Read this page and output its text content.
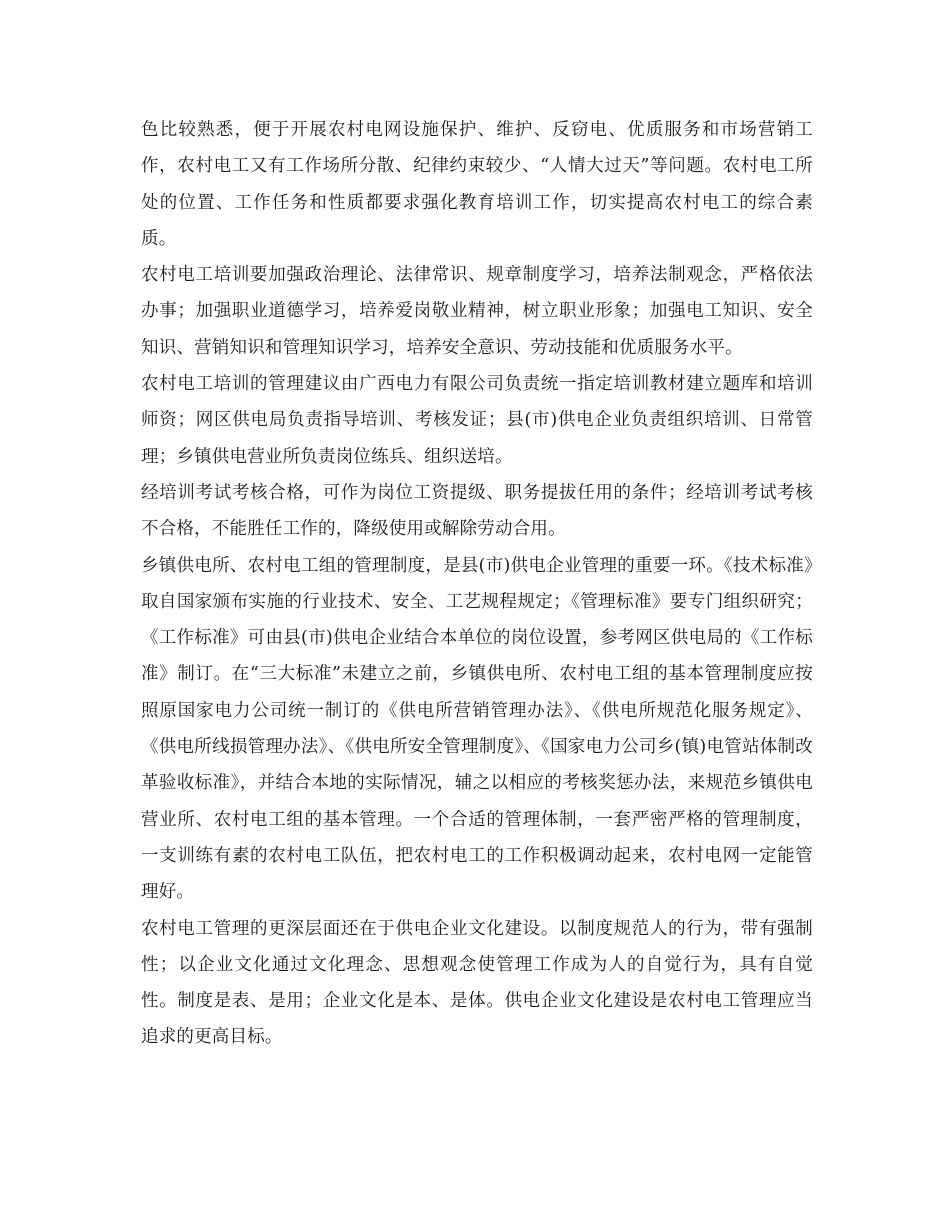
色比较熟悉，便于开展农村电网设施保护、维护、反窃电、优质服务和市场营销工作，农村电工又有工作场所分散、纪律约束较少、“人情大过天”等问题。农村电工所处的位置、工作任务和性质都要求强化教育培训工作，切实提高农村电工的综合素质。

农村电工培训要加强政治理论、法律常识、规章制度学习，培养法制观念，严格依法办事；加强职业道德学习，培养爱岗敬业精神，树立职业形象；加强电工知识、安全知识、营销知识和管理知识学习，培养安全意识、劳动技能和优质服务水平。

农村电工培训的管理建议由广西电力有限公司负责统一指定培训教材建立题库和培训师资；网区供电局负责指导培训、考核发证；县(市)供电企业负责组织培训、日常管理；乡镇供电营业所负责岗位练兵、组织送培。

经培训考试考核合格，可作为岗位工资提级、职务提拔任用的条件；经培训考试考核不合格，不能胜任工作的，降级使用或解除劳动合用。

乡镇供电所、农村电工组的管理制度，是县(市)供电企业管理的重要一环。《技术标准》取自国家颁布实施的行业技术、安全、工艺规程规定；《管理标准》要专门组织研究；《工作标准》可由县(市)供电企业结合本单位的岗位设置，参考网区供电局的《工作标准》制订。在“三大标准”未建立之前，乡镇供电所、农村电工组的基本管理制度应按照原国家电力公司统一制订的《供电所营销管理办法》、《供电所规范化服务规定》、《供电所线损管理办法》、《供电所安全管理制度》、《国家电力公司乡(镇)电管站体制改革验收标准》，并结合本地的实际情况，辅之以相应的考核奖惩办法，来规范乡镇供电营业所、农村电工组的基本管理。一个合适的管理体制，一套严密严格的管理制度，一支训练有素的农村电工队伍，把农村电工的工作积极调动起来，农村电网一定能管理好。

农村电工管理的更深层面还在于供电企业文化建设。以制度规范人的行为，带有强制性；以企业文化通过文化理念、思想观念使管理工作成为人的自觉行为，具有自觉性。制度是表、是用；企业文化是本、是体。供电企业文化建设是农村电工管理应当追求的更高目标。
